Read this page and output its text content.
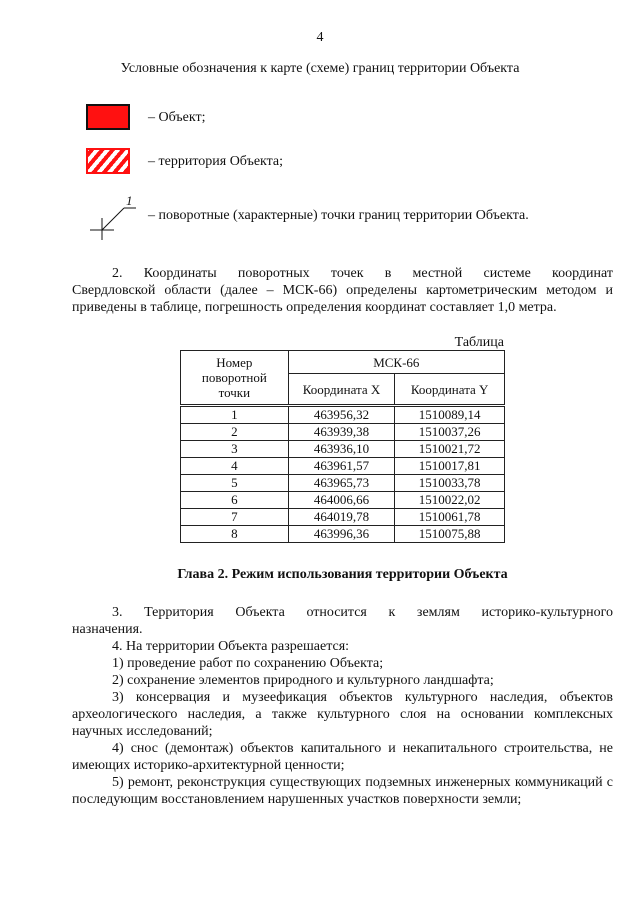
4
Условные обозначения к карте (схеме) границ территории Объекта
– Объект;
– территория Объекта;
1
– поворотные (характерные) точки границ территории Объекта.
2. Координаты поворотных точек в местной системе координат
Свердловской области (далее – МСК-66) определены картометрическим методом и приведены в таблице, погрешность определения координат составляет 1,0 метра.
Таблица
Номер поворотной точки	МСК-66	
	Координата X	Координата Y
1	463956,32	1510089,14
2	463939,38	1510037,26
3	463936,10	1510021,72
4	463961,57	1510017,81
5	463965,73	1510033,78
6	464006,66	1510022,02
7	464019,78	1510061,78
8	463996,36	1510075,88
Глава 2. Режим использования территории Объекта
3. Территория Объекта относится к землям историко-культурного
назначения.
4. На территории Объекта разрешается:
1) проведение работ по сохранению Объекта;
2) сохранение элементов природного и культурного ландшафта;
3) консервация и музеефикация объектов культурного наследия, объектов археологического наследия, а также культурного слоя на основании комплексных научных исследований;
4) снос (демонтаж) объектов капитального и некапитального строительства, не имеющих историко-архитектурной ценности;
5) ремонт, реконструкция существующих подземных инженерных коммуникаций с последующим восстановлением нарушенных участков поверхности земли;
